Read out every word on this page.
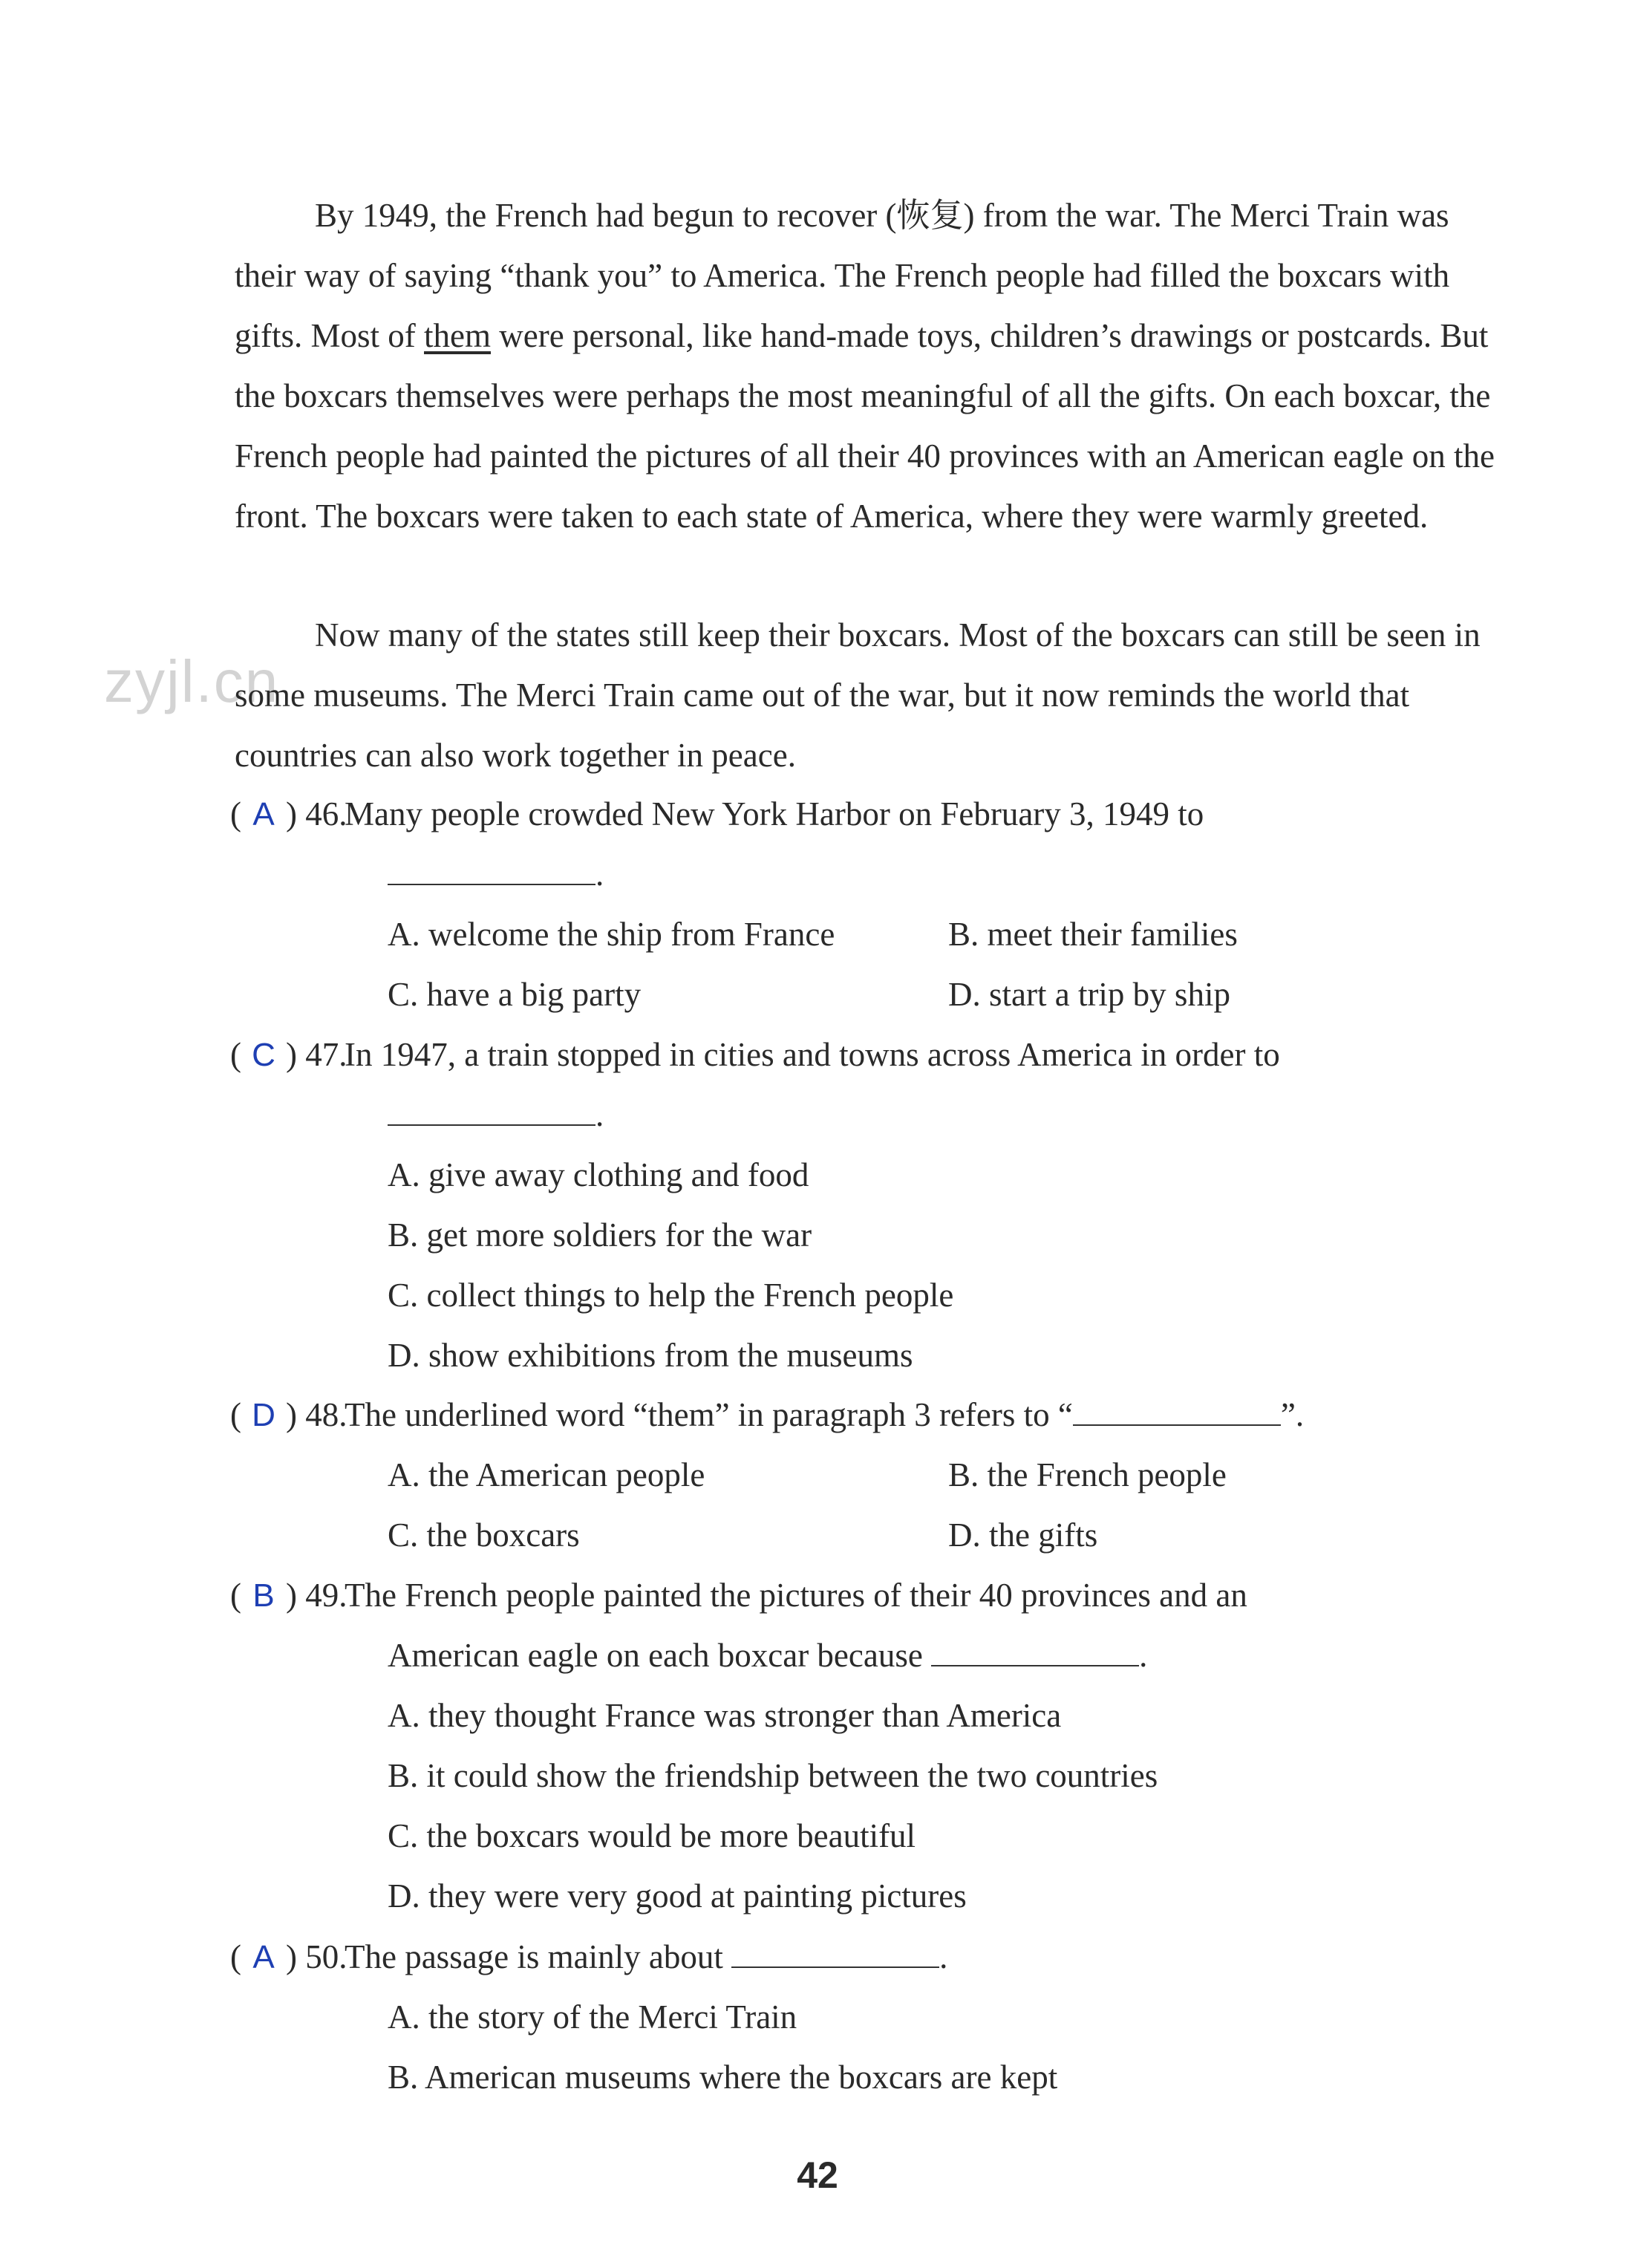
zyjl.cn

By 1949, the French had begun to recover (恢复) from the war. The Merci Train was their way of saying “thank you” to America. The French people had filled the boxcars with gifts. Most of them were personal, like hand-made toys, children’s drawings or postcards. But the boxcars themselves were perhaps the most meaningful of all the gifts. On each boxcar, the French people had painted the pictures of all their 40 provinces with an American eagle on the front. The boxcars were taken to each state of America, where they were warmly greeted.

Now many of the states still keep their boxcars. Most of the boxcars can still be seen in some museums. The Merci Train came out of the war, but it now reminds the world that countries can also work together in peace.

( A ) 46.
Many people crowded New York Harbor on February 3, 1949 to
.
A. welcome the ship from France	B. meet their families
C. have a big party	D. start a trip by ship
( C ) 47.
In 1947, a train stopped in cities and towns across America in order to
.
A. give away clothing and food
B. get more soldiers for the war
C. collect things to help the French people
D. show exhibitions from the museums
( D ) 48.
The underlined word “them” in paragraph 3 refers to “	”.
A. the American people	B. the French people
C. the boxcars	D. the gifts
( B ) 49.
The French people painted the pictures of their 40 provinces and an
American eagle on each boxcar because	.
A. they thought France was stronger than America
B. it could show the friendship between the two countries
C. the boxcars would be more beautiful
D. they were very good at painting pictures
( A ) 50.
The passage is mainly about	.
A. the story of the Merci Train
B. American museums where the boxcars are kept
42
